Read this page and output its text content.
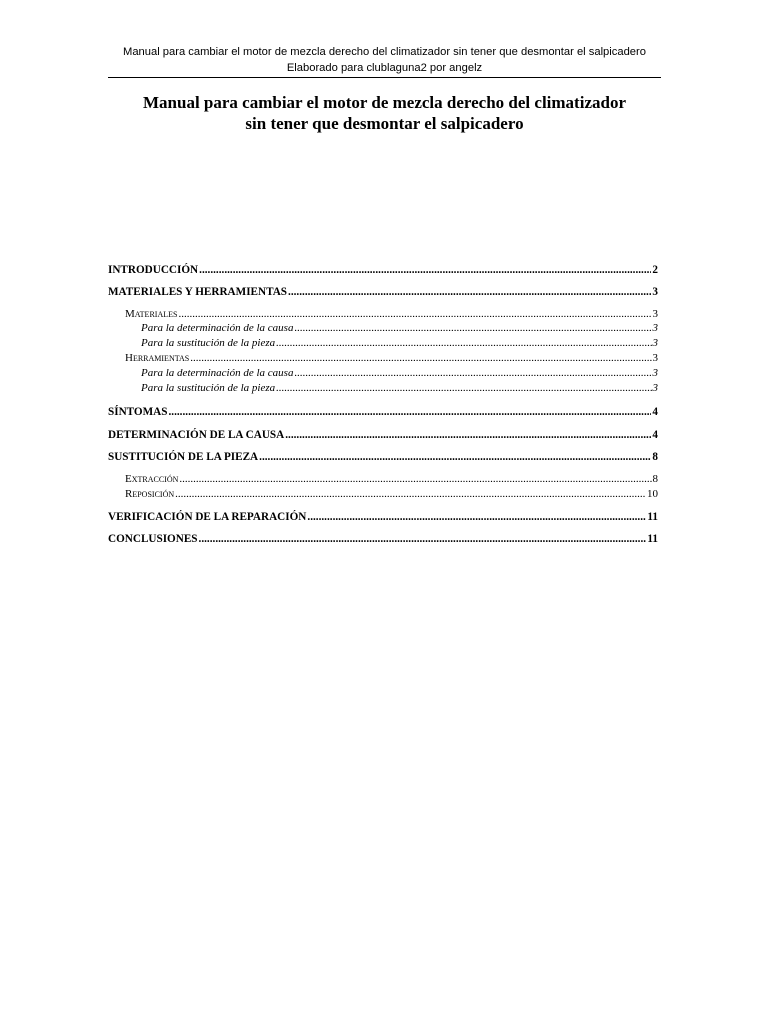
Manual para cambiar el motor de mezcla derecho del climatizador sin tener que desmontar el salpicadero
Elaborado para clublaguna2 por angelz
Manual para cambiar el motor de mezcla derecho del climatizador
sin tener que desmontar el salpicadero
INTRODUCCIÓN .....	2
MATERIALES Y HERRAMIENTAS .....	3
Materiales .....	3
Para la determinación de la causa .....	3
Para la sustitución de la pieza .....	3
Herramientas .....	3
Para la determinación de la causa .....	3
Para la sustitución de la pieza .....	3
SÍNTOMAS .....	4
DETERMINACIÓN DE LA CAUSA .....	4
SUSTITUCIÓN DE LA PIEZA .....	8
Extracción .....	8
Reposición .....	10
VERIFICACIÓN DE LA REPARACIÓN .....	11
CONCLUSIONES .....	11
